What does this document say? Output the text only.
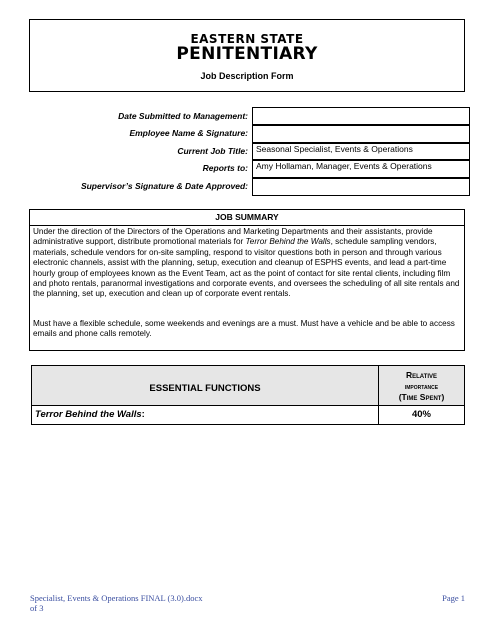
EASTERN STATE
PENITENTIARY
Job Description Form
Date Submitted to Management:
Employee Name & Signature:
Current Job Title: Seasonal Specialist, Events & Operations
Reports to: Amy Hollaman, Manager, Events & Operations
Supervisor’s Signature & Date Approved:
JOB SUMMARY
Under the direction of the Directors of the Operations and Marketing Departments and their assistants, provide administrative support, distribute promotional materials for Terror Behind the Walls, schedule sampling vendors, materials, schedule vendors for on-site sampling, respond to visitor questions both in person and through various electronic channels, assist with the planning, setup, execution and cleanup of ESPHS events, and lead a part-time hourly group of employees known as the Event Team, act as the point of contact for site rental clients, including film and photo rentals, paranormal investigations and corporate events, and oversees the scheduling of all site rentals and the planning, set up, execution and clean up of corporate event rentals.
Must have a flexible schedule, some weekends and evenings are a must. Must have a vehicle and be able to access emails and phone calls remotely.
ESSENTIAL FUNCTIONS
Relative
importance
(Time Spent)
Terror Behind the Walls:	40%
Specialist, Events & Operations FINAL (3.0).docx
of 3
Page 1
